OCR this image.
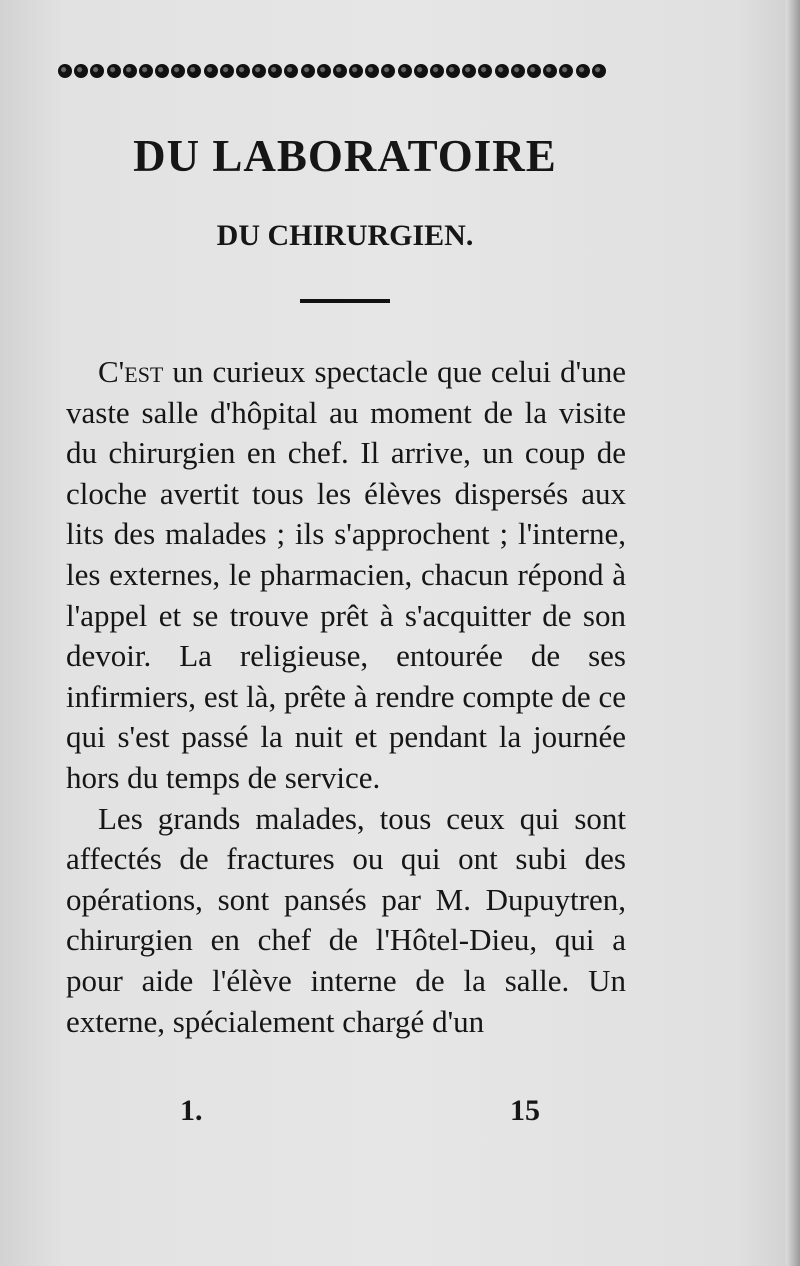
DU LABORATOIRE
DU CHIRURGIEN.

C'est un curieux spectacle que celui d'une vaste salle d'hôpital au moment de la visite du chirurgien en chef. Il arrive, un coup de cloche avertit tous les élèves dispersés aux lits des malades ; ils s'approchent ; l'interne, les externes, le pharmacien, chacun répond à l'appel et se trouve prêt à s'acquitter de son devoir. La religieuse, entourée de ses infirmiers, est là, prête à rendre compte de ce qui s'est passé la nuit et pendant la journée hors du temps de service.

Les grands malades, tous ceux qui sont affectés de fractures ou qui ont subi des opérations, sont pansés par M. Dupuytren, chirurgien en chef de l'Hôtel-Dieu, qui a pour aide l'élève interne de la salle. Un externe, spécialement chargé d'un

1.	15
